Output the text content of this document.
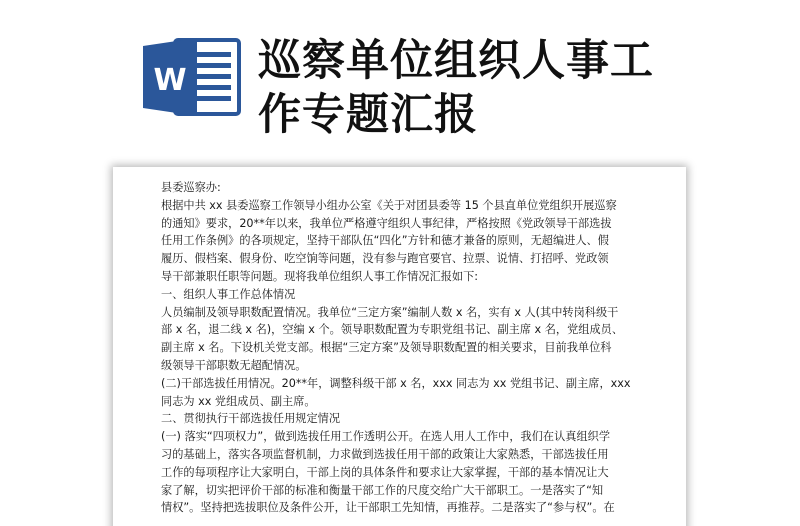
W 巡察单位组织人事工
作专题汇报
县委巡察办:
根据中共 xx 县委巡察工作领导小组办公室《关于对团县委等 15 个县直单位党组织开展巡察
的通知》要求，20**年以来，我单位严格遵守组织人事纪律，严格按照《党政领导干部选拔
任用工作条例》的各项规定，坚持干部队伍“四化”方针和德才兼备的原则，无超编进人、假
履历、假档案、假身份、吃空饷等问题，没有参与跑官要官、拉票、说情、打招呼、党政领
导干部兼职任职等问题。现将我单位组织人事工作情况汇报如下:
一、组织人事工作总体情况
人员编制及领导职数配置情况。我单位“三定方案”编制人数 x 名，实有 x 人(其中转岗科级干
部 x 名，退二线 x 名)，空编 x 个。领导职数配置为专职党组书记、副主席 x 名，党组成员、
副主席 x 名。下设机关党支部。根据“三定方案”及领导职数配置的相关要求，目前我单位科
级领导干部职数无超配情况。
(二)干部选拔任用情况。20**年，调整科级干部 x 名，xxx 同志为 xx 党组书记、副主席，xxx
同志为 xx 党组成员、副主席。
二、贯彻执行干部选拔任用规定情况
(一) 落实“四项权力”，做到选拔任用工作透明公开。在选人用人工作中，我们在认真组织学
习的基础上，落实各项监督机制，力求做到选拔任用干部的政策让大家熟悉，干部选拔任用
工作的每项程序让大家明白，干部上岗的具体条件和要求让大家掌握，干部的基本情况让大
家了解，切实把评价干部的标准和衡量干部工作的尺度交给广大干部职工。一是落实了“知
情权”。坚持把选拔职位及条件公开，让干部职工先知情，再推荐。二是落实了“参与权”。在
